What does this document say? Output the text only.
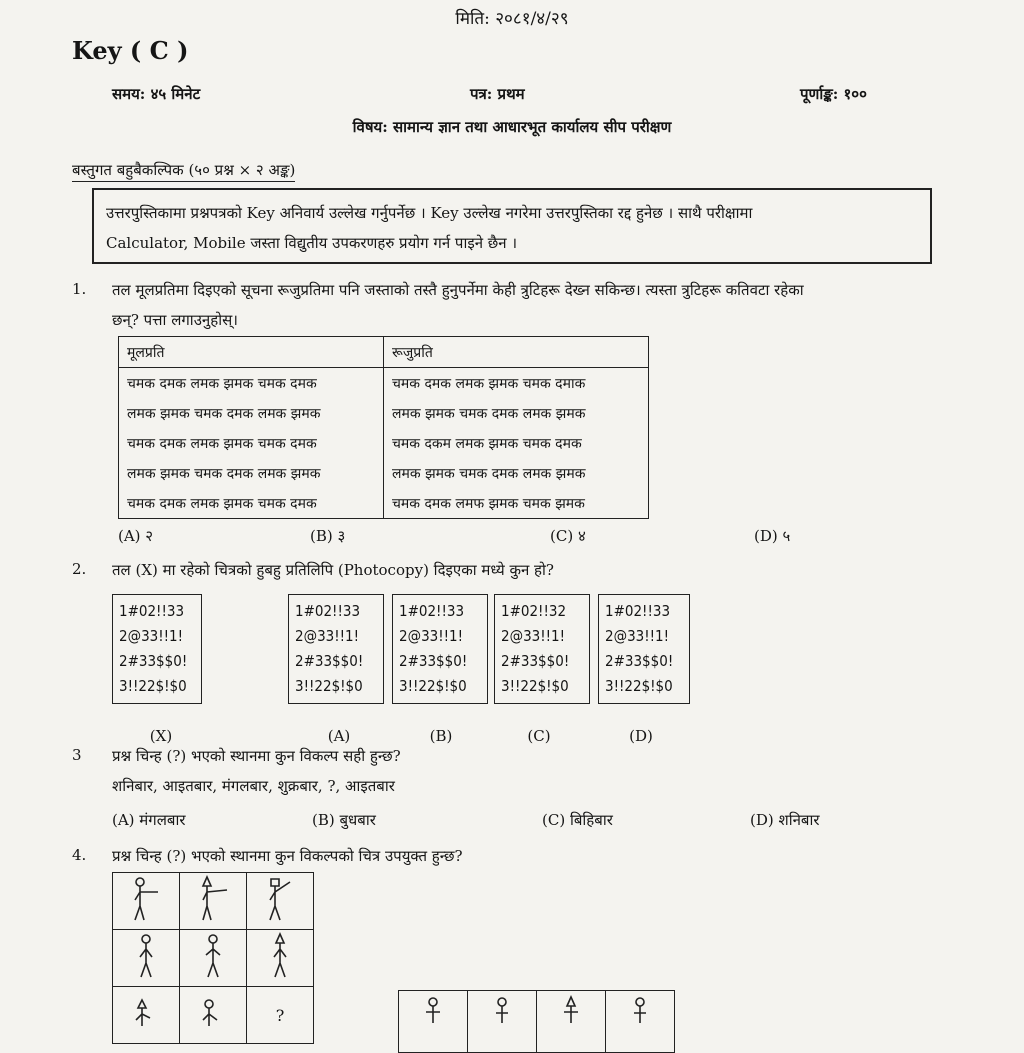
मिति: २०८१/४/२९

Key ( C )

समय: ४५ मिनेट	पत्र: प्रथम	पूर्णाङ्क: १००

विषय: सामान्य ज्ञान तथा आधारभूत कार्यालय सीप परीक्षण

बस्तुगत बहुबैकल्पिक (५० प्रश्न × २ अङ्क)

उत्तरपुस्तिकामा प्रश्नपत्रको Key अनिवार्य उल्लेख गर्नुपर्नेछ । Key उल्लेख नगरेमा उत्तरपुस्तिका रद्द हुनेछ । साथै परीक्षामा

Calculator, Mobile जस्ता विद्युतीय उपकरणहरु प्रयोग गर्न पाइने छैन ।

1. तल मूलप्रतिमा दिइएको सूचना रूजुप्रतिमा पनि जस्ताको तस्तै हुनुपर्नेमा केही त्रुटिहरू देख्न सकिन्छ। त्यस्ता त्रुटिहरू कतिवटा रहेका

छन्? पत्ता लगाउनुहोस्।

मूलप्रति	रूजुप्रति
चमक दमक लमक झमक चमक दमक	चमक दमक लमक झमक चमक दमाक
लमक झमक चमक दमक लमक झमक	लमक झमक चमक दमक लमक झमक
चमक दमक लमक झमक चमक दमक	चमक दकम लमक झमक चमक दमक
लमक झमक चमक दमक लमक झमक	लमक झमक चमक दमक लमक झमक
चमक दमक लमक झमक चमक दमक	चमक दमक लमफ झमक चमक झमक

(A) २	(B) ३	(C) ४	(D) ५

2. तल (X) मा रहेको चित्रको हुबहु प्रतिलिपि (Photocopy) दिइएका मध्ये कुन हो?

1#02!!33
2@33!!1!
2#33$$0!
3!!22$!$0
1#02!!33
2@33!!1!
2#33$$0!
3!!22$!$0
1#02!!33
2@33!!1!
2#33$$0!
3!!22$!$0
1#02!!32
2@33!!1!
2#33$$0!
3!!22$!$0
1#02!!33
2@33!!1!
2#33$$0!
3!!22$!$0

(X)	(A)	(B)	(C)	(D)

3 प्रश्न चिन्ह (?) भएको स्थानमा कुन विकल्प सही हुन्छ?

शनिबार, आइतबार, मंगलबार, शुक्रबार, ?, आइतबार

(A) मंगलबार	(B) बुधबार	(C) बिहिबार	(D) शनिबार

4. प्रश्न चिन्ह (?) भएको स्थानमा कुन विकल्पको चित्र उपयुक्त हुन्छ?

		?
